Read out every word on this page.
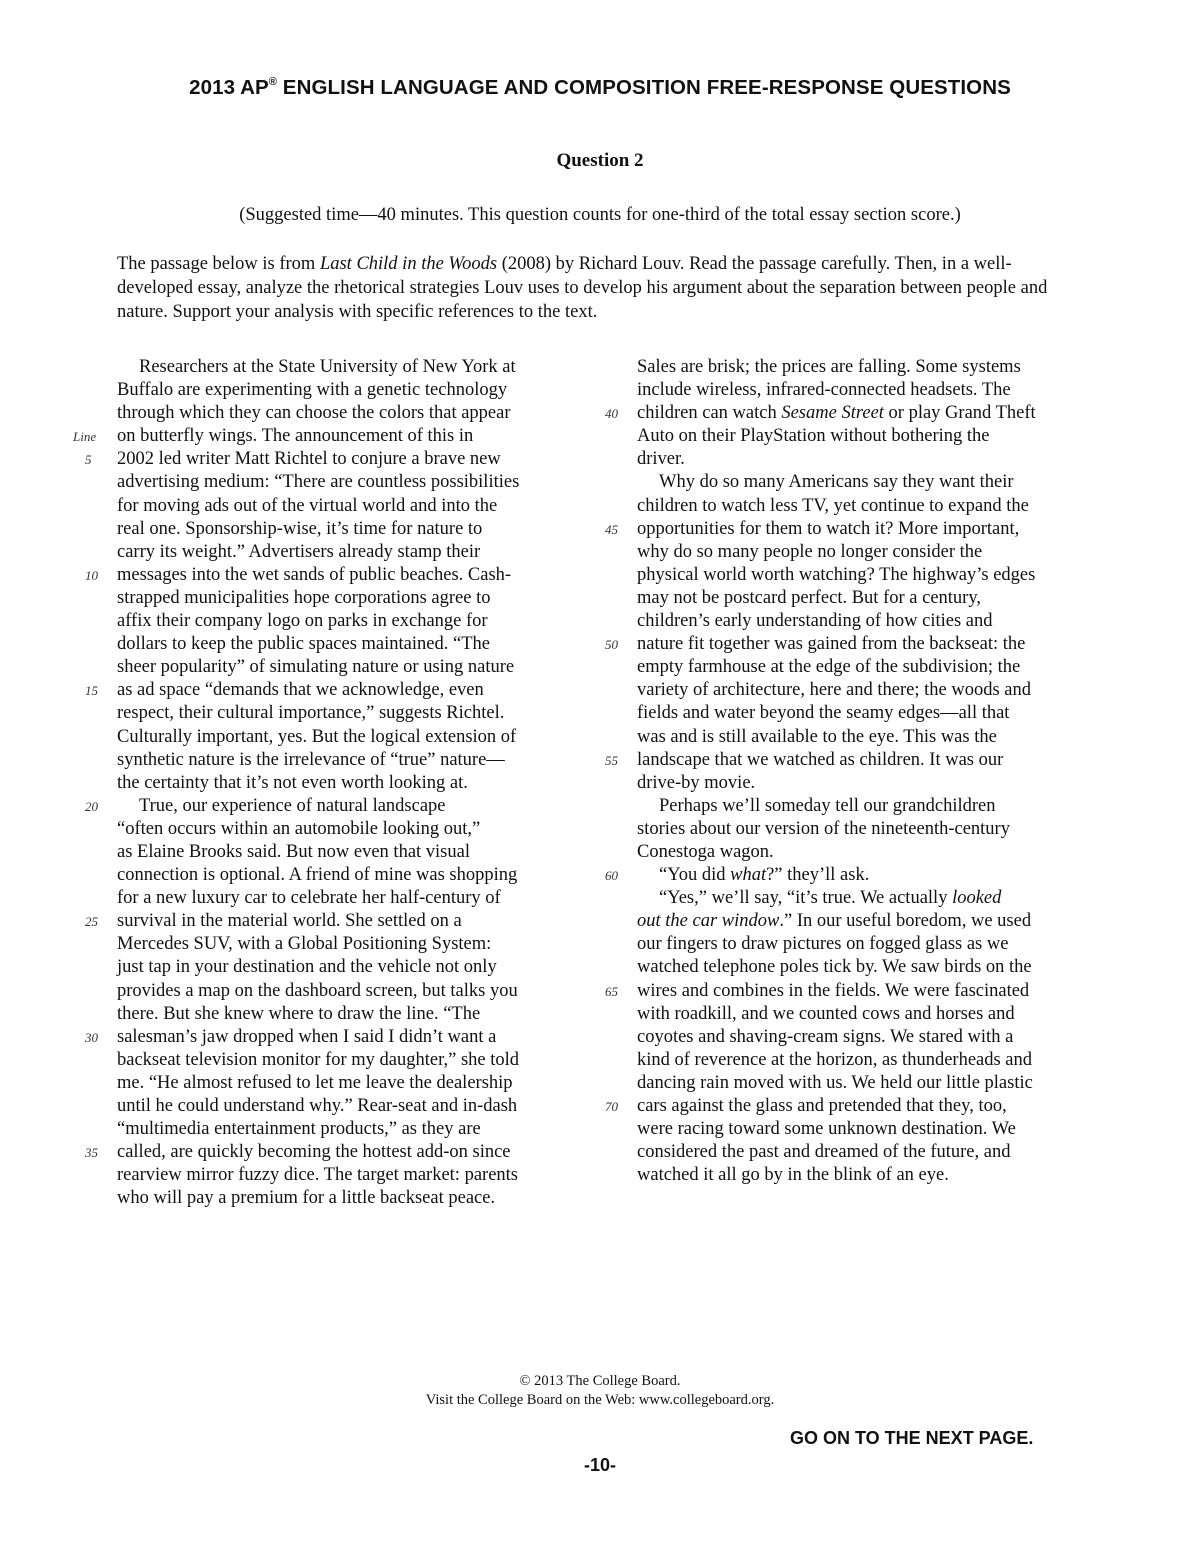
2013 AP® ENGLISH LANGUAGE AND COMPOSITION FREE-RESPONSE QUESTIONS
Question 2
(Suggested time—40 minutes. This question counts for one-third of the total essay section score.)
The passage below is from Last Child in the Woods (2008) by Richard Louv. Read the passage carefully. Then, in a well-developed essay, analyze the rhetorical strategies Louv uses to develop his argument about the separation between people and nature. Support your analysis with specific references to the text.
Researchers at the State University of New York at
Buffalo are experimenting with a genetic technology
through which they can choose the colors that appear
Line on butterfly wings. The announcement of this in
5	2002 led writer Matt Richtel to conjure a brave new
advertising medium: “There are countless possibilities
for moving ads out of the virtual world and into the
real one. Sponsorship-wise, it’s time for nature to
carry its weight.” Advertisers already stamp their
10	messages into the wet sands of public beaches. Cash-
strapped municipalities hope corporations agree to
affix their company logo on parks in exchange for
dollars to keep the public spaces maintained. “The
sheer popularity” of simulating nature or using nature
15	as ad space “demands that we acknowledge, even
respect, their cultural importance,” suggests Richtel.
Culturally important, yes. But the logical extension of
synthetic nature is the irrelevance of “true” nature—
the certainty that it’s not even worth looking at.
20	True, our experience of natural landscape
“often occurs within an automobile looking out,”
as Elaine Brooks said. But now even that visual
connection is optional. A friend of mine was shopping
for a new luxury car to celebrate her half-century of
25	survival in the material world. She settled on a
Mercedes SUV, with a Global Positioning System:
just tap in your destination and the vehicle not only
provides a map on the dashboard screen, but talks you
there. But she knew where to draw the line. “The
30	salesman’s jaw dropped when I said I didn’t want a
backseat television monitor for my daughter,” she told
me. “He almost refused to let me leave the dealership
until he could understand why.” Rear-seat and in-dash
“multimedia entertainment products,” as they are
35	called, are quickly becoming the hottest add-on since
rearview mirror fuzzy dice. The target market: parents
who will pay a premium for a little backseat peace.
Sales are brisk; the prices are falling. Some systems
include wireless, infrared-connected headsets. The
40	children can watch Sesame Street or play Grand Theft
Auto on their PlayStation without bothering the
driver.
Why do so many Americans say they want their
children to watch less TV, yet continue to expand the
45	opportunities for them to watch it? More important,
why do so many people no longer consider the
physical world worth watching? The highway’s edges
may not be postcard perfect. But for a century,
children’s early understanding of how cities and
50	nature fit together was gained from the backseat: the
empty farmhouse at the edge of the subdivision; the
variety of architecture, here and there; the woods and
fields and water beyond the seamy edges—all that
was and is still available to the eye. This was the
55	landscape that we watched as children. It was our
drive-by movie.
Perhaps we’ll someday tell our grandchildren
stories about our version of the nineteenth-century
Conestoga wagon.
60	“You did what?” they’ll ask.
“Yes,” we’ll say, “it’s true. We actually looked
out the car window.” In our useful boredom, we used
our fingers to draw pictures on fogged glass as we
watched telephone poles tick by. We saw birds on the
65	wires and combines in the fields. We were fascinated
with roadkill, and we counted cows and horses and
coyotes and shaving-cream signs. We stared with a
kind of reverence at the horizon, as thunderheads and
dancing rain moved with us. We held our little plastic
70	cars against the glass and pretended that they, too,
were racing toward some unknown destination. We
considered the past and dreamed of the future, and
watched it all go by in the blink of an eye.
© 2013 The College Board.
Visit the College Board on the Web: www.collegeboard.org.
GO ON TO THE NEXT PAGE.
-10-
